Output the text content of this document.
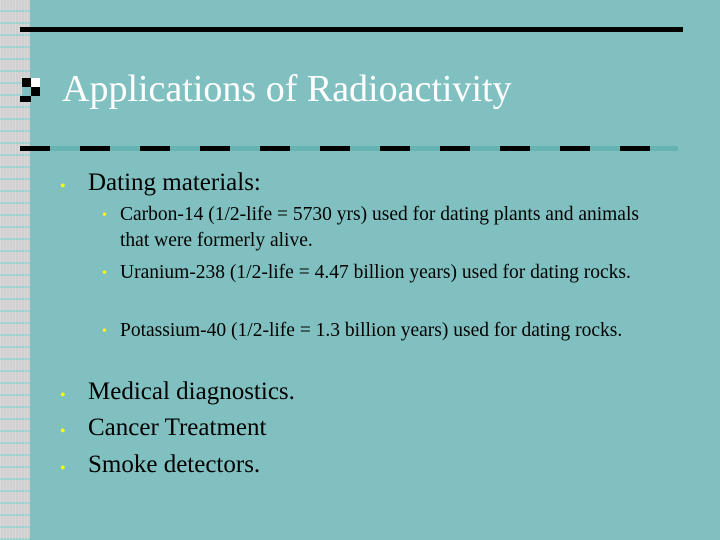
Applications of Radioactivity
• Dating materials:
• Carbon-14 (1/2-life = 5730 yrs) used for dating plants and animals that were formerly alive.
• Uranium-238 (1/2-life = 4.47 billion years) used for dating rocks.
• Potassium-40 (1/2-life = 1.3 billion years) used for dating rocks.
• Medical diagnostics.
• Cancer Treatment
• Smoke detectors.
